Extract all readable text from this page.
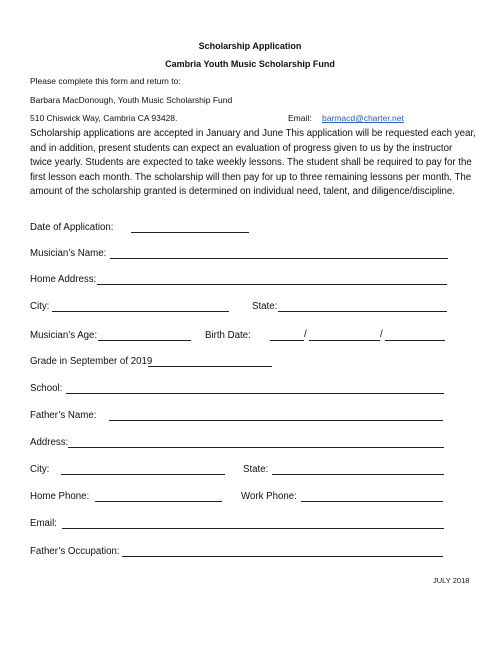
Scholarship Application
Cambria Youth Music Scholarship Fund
Please complete this form and return to:
Barbara MacDonough, Youth Music Scholarship Fund
510 Chiswick Way, Cambria CA 93428.	Email: barmacd@charter.net
Scholarship applications are accepted in January and June This application will be requested each year,
and in addition, present students can expect an evaluation of progress given to us by the instructor
twice yearly. Students are expected to take weekly lessons. The student shall be required to pay for the
first lesson each month. The scholarship will then pay for up to three remaining lessons per month. The
amount of the scholarship granted is determined on individual need, talent, and diligence/discipline.
Date of Application:
Musician’s Name:
Home Address:
City:	State:
Musician’s Age:	Birth Date:	/	/
Grade in September of 2019
School:
Father’s Name:
Address:
City:	State:
Home Phone:	Work Phone:
Email:
Father’s Occupation:
JULY 2018
